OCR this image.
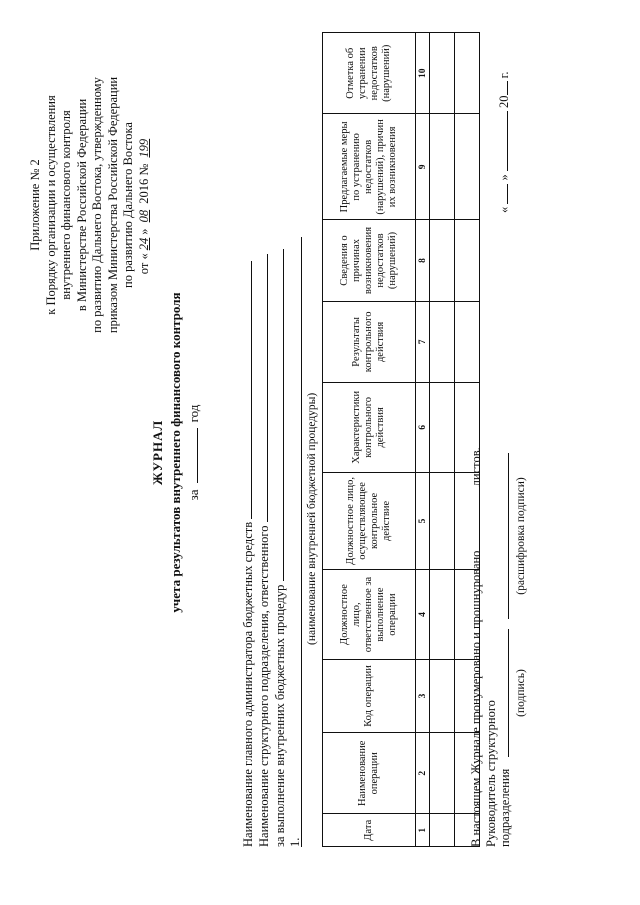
Приложение № 2 к Порядку организации и осуществления внутреннего финансового контроля в Министерстве Российской Федерации по развитию Дальнего Востока, утвержденному приказом Министерства Российской Федерации по развитию Дальнего Востока от «24» 08 2016 № 199
ЖУРНАЛ учета результатов внутреннего финансового контроля загод
Наименование главного администратора бюджетных средств Наименование структурного подразделения, ответственного за выполнение внутренних бюджетных процедур 1.
(наименование внутренней бюджетной процедуры)
Дата	Наименование операции	Код операции	Должностное лицо, ответственное за выполнение операции	Должностное лицо, осуществляющее контрольное действие	Характеристики контрольного действия	Результаты контрольного действия	Сведения о причинах возникновения недостатков (нарушений)	Предлагаемые меры по устранению недостатков (нарушений), причин их возникновения	Отметка об устранении недостатков (нарушений)
1	2	3	4	5	6	7	8	9	10

В настоящем Журнале пронумеровано и прошнуровано  листов.
Руководитель структурного подразделения
(подпись)
(расшифровка подписи)
«  »  20 г.
